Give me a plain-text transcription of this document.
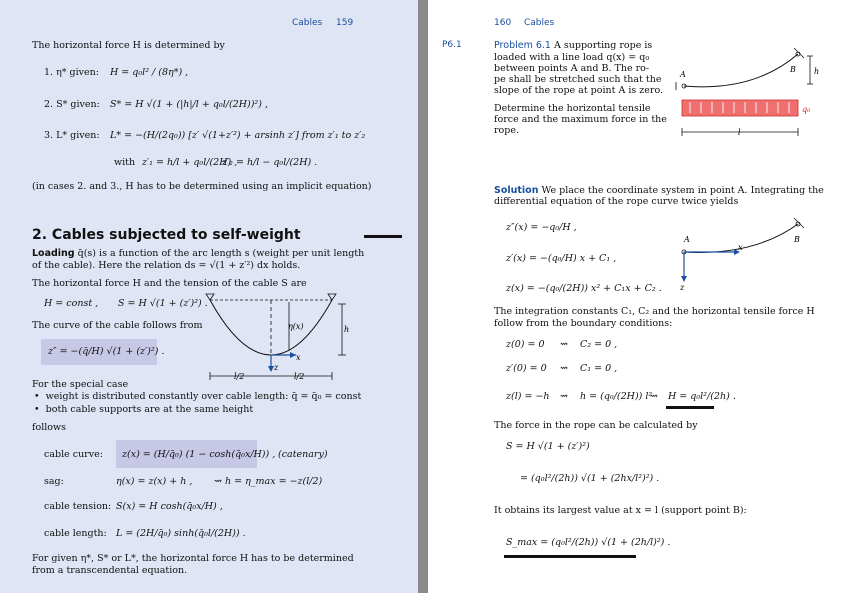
Cables 159
The horizontal force H is determined by
1. η* given: H = q₀l² / (8η*) ,
2. S* given: S* = H √(1 + (|h|/l + q₀l/(2H))²) ,
3. L* given: L* = −(H/(2q₀)) [z′ √(1+z′²) + arsinh z′] from z′₁ to z′₂
with z′₁ = h/l + q₀l/(2H) ,
z′₂ = h/l − q₀l/(2H) .
(in cases 2. and 3., H has to be determined using an implicit equation)
2. Cables subjected to self-weight
Loading q̄(s) is a function of the arc length s (weight per unit length
of the cable). Here the relation ds = √(1 + z′²) dx holds.
The horizontal force H and the tension of the cable S are
H = const , S = H √(1 + (z′)²) .
The curve of the cable follows from
z″ = −(q̄/H) √(1 + (z′)²) .
η(x)	h
x
z
l/2	l/2
For the special case
•  weight is distributed constantly over cable length: q̄ = q̄₀ = const
•  both cable supports are at the same height
follows
cable curve: z(x) = (H/q̄₀) (1 − cosh(q̄₀x/H)) , (catenary)
sag:	η(x) = z(x) + h , ⇝ h = η_max = −z(l/2)
cable tension: S(x) = H cosh(q̄₀x/H) ,
cable length: L = (2H/q̄₀) sinh(q̄₀l/(2H)) .
For given η*, S* or L*, the horizontal force H has to be determined
from a transcendental equation.
160 Cables
P6.1	Problem 6.1 A supporting rope is
loaded with a line load q(x) = q₀
between points A and B. The ro-
pe shall be stretched such that the
slope of the rope at point A is zero.
Determine the horizontal tensile
force and the maximum force in the
rope.
A
B h
q₀
l
Solution We place the coordinate system in point A. Integrating the
differential equation of the rope curve twice yields
z″(x) = −q₀/H ,
z′(x) = −(q₀/H) x + C₁ ,
z(x) = −(q₀/(2H)) x² + C₁x + C₂ .
A	B
x
z
The integration constants C₁, C₂ and the horizontal tensile force H
follow from the boundary conditions:
z(0) = 0 ⇝ C₂ = 0 ,
z′(0) = 0 ⇝ C₁ = 0 ,
z(l) = −h ⇝ h = (q₀/(2H)) l²
⇝ H = q₀l²/(2h) .
The force in the rope can be calculated by
S = H √(1 + (z′)²)
= (q₀l²/(2h)) √(1 + (2hx/l²)²) .
It obtains its largest value at x = l (support point B):
S_max = (q₀l²/(2h)) √(1 + (2h/l)²) .
